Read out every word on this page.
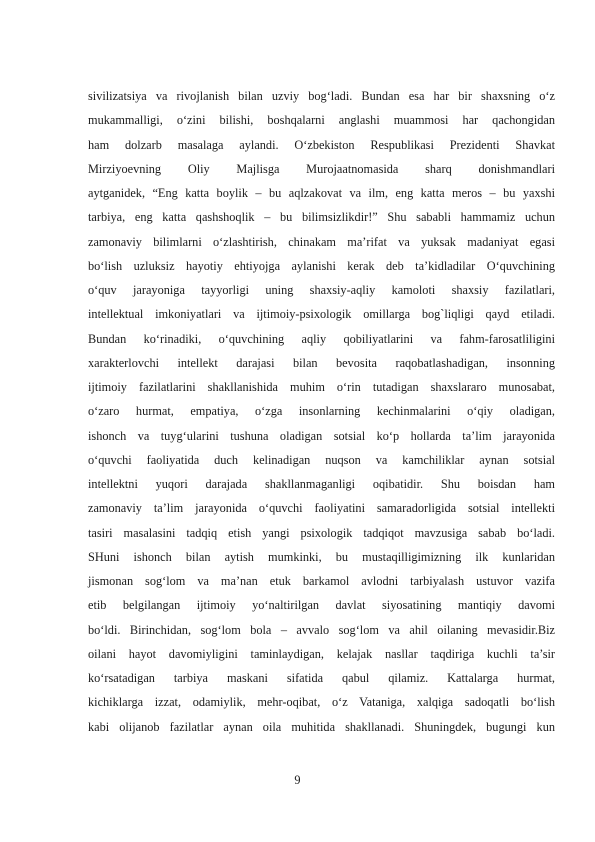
sivilizatsiya va rivojlanish bilan uzviy bog‘ladi. Bundan esa har bir shaxsning o‘z
mukammalligi, o‘zini bilishi, boshqalarni anglashi muammosi har qachongidan
ham dolzarb masalaga aylandi. O‘zbekiston Respublikasi Prezidenti Shavkat
Mirziyoevning Oliy Majlisga Murojaatnomasida sharq donishmandlari
aytganidek, “Eng katta boylik – bu aqlzakovat va ilm, eng katta meros – bu yaxshi
tarbiya, eng katta qashshoqlik – bu bilimsizlikdir!” Shu sababli hammamiz uchun
zamonaviy bilimlarni o‘zlashtirish, chinakam ma’rifat va yuksak madaniyat egasi
bo‘lish uzluksiz hayotiy ehtiyojga aylanishi kerak deb ta’kidladilar O‘quvchining
o‘quv jarayoniga tayyorligi uning shaxsiy-aqliy kamoloti shaxsiy fazilatlari,
intellektual imkoniyatlari va ijtimoiy-psixologik omillarga bog`liqligi qayd etiladi.
Bundan ko‘rinadiki, o‘quvchining aqliy qobiliyatlarini va fahm-farosatliligini
xarakterlovchi intellekt darajasi bilan bevosita raqobatlashadigan, insonning
ijtimoiy fazilatlarini shakllanishida muhim o‘rin tutadigan shaxslararo munosabat,
o‘zaro hurmat, empatiya, o‘zga insonlarning kechinmalarini o‘qiy oladigan,
ishonch va tuyg‘ularini tushuna oladigan sotsial ko‘p hollarda ta’lim jarayonida
o‘quvchi faoliyatida duch kelinadigan nuqson va kamchiliklar aynan sotsial
intellektni yuqori darajada shakllanmaganligi oqibatidir. Shu boisdan ham
zamonaviy ta’lim jarayonida o‘quvchi faoliyatini samaradorligida sotsial intellekti
tasiri masalasini tadqiq etish yangi psixologik tadqiqot mavzusiga sabab bo‘ladi.
SHuni ishonch bilan aytish mumkinki, bu mustaqilligimizning ilk kunlaridan
jismonan sog‘lom va ma’nan etuk barkamol avlodni tarbiyalash ustuvor vazifa
etib belgilangan ijtimoiy yo‘naltirilgan davlat siyosatining mantiqiy davomi
bo‘ldi. Birinchidan, sog‘lom bola – avvalo sog‘lom va ahil oilaning mevasidir.Biz
oilani hayot davomiyligini taminlaydigan, kelajak nasllar taqdiriga kuchli ta’sir
ko‘rsatadigan tarbiya maskani sifatida qabul qilamiz. Kattalarga hurmat,
kichiklarga izzat, odamiylik, mehr-oqibat, o‘z Vataniga, xalqiga sadoqatli bo‘lish
kabi olijanob fazilatlar aynan oila muhitida shakllanadi. Shuningdek, bugungi kun
9
